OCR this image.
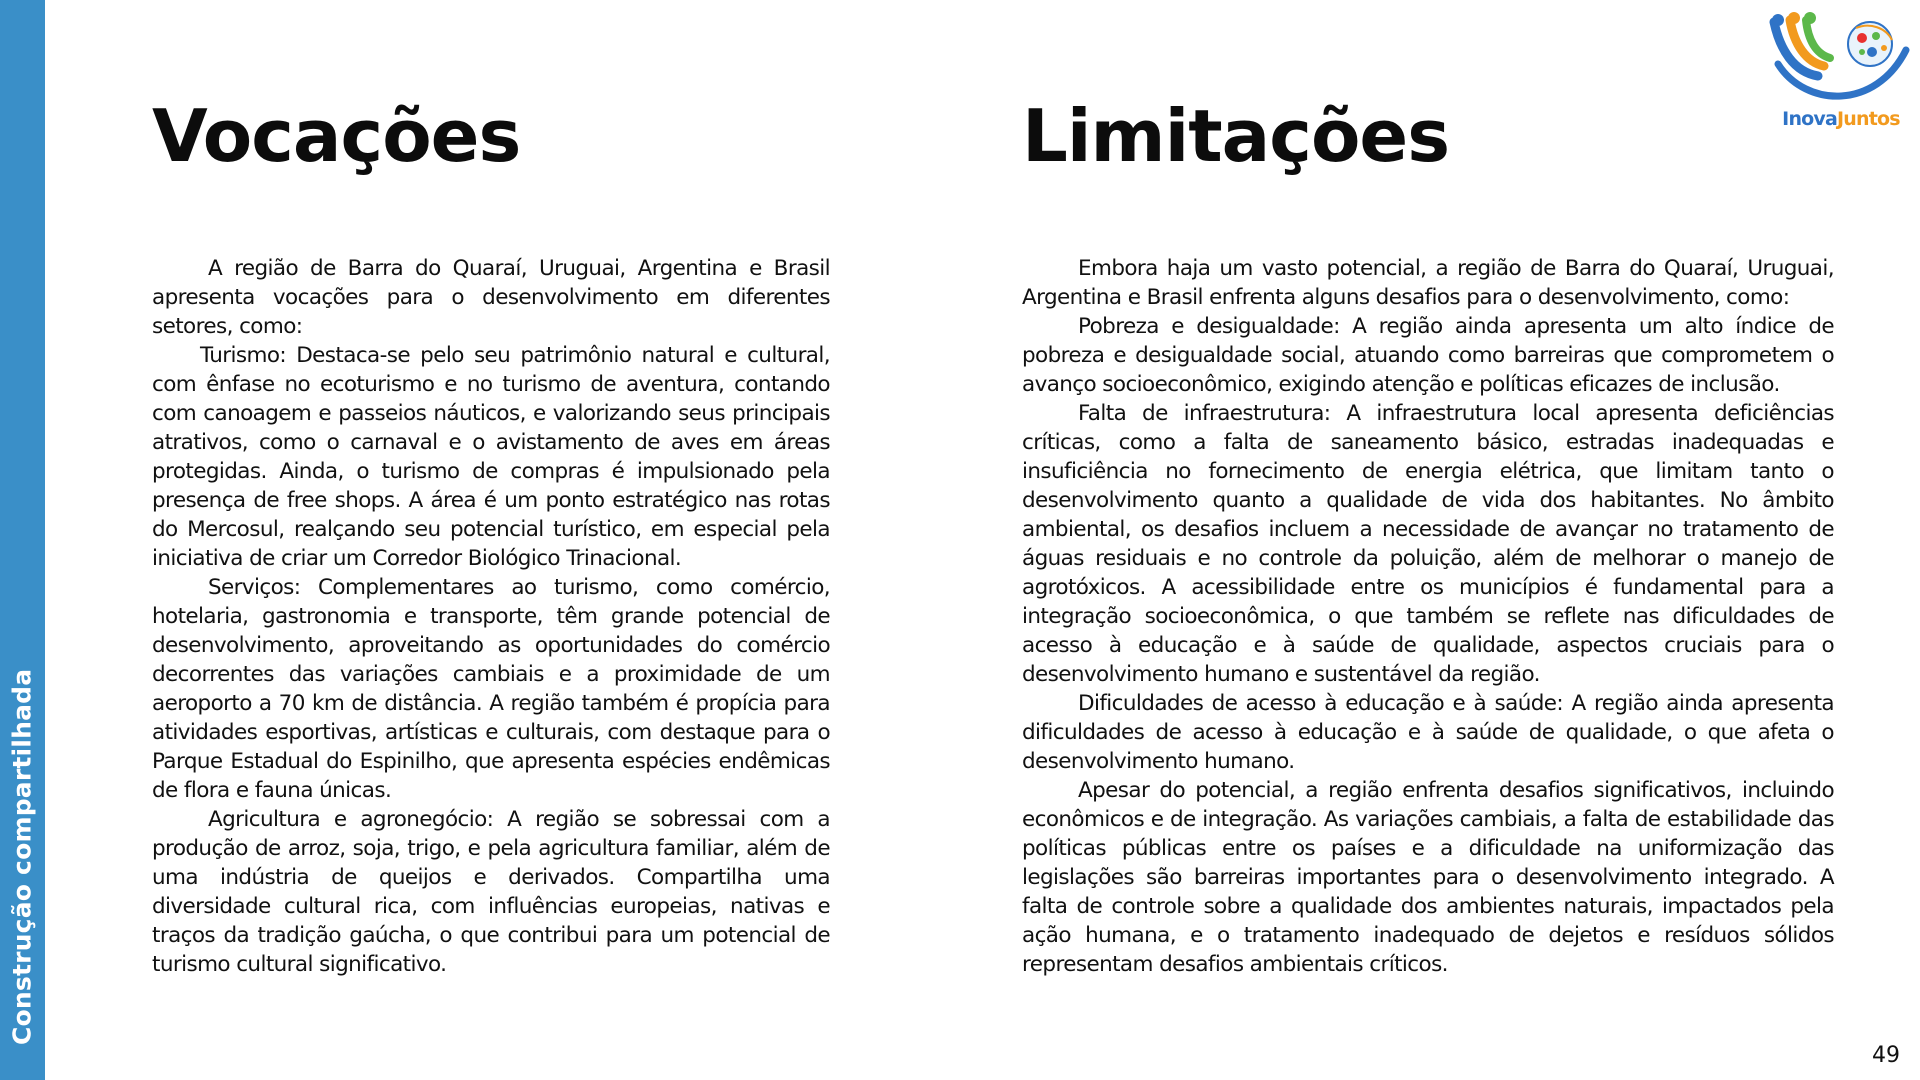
Construção compartilhada
InovaJuntos
Vocações	Limitações

A região de Barra do Quaraí, Uruguai, Argentina e Brasil apresenta vocações para o desenvolvimento em diferentes setores, como:

Turismo: Destaca-se pelo seu patrimônio natural e cultural, com ênfase no ecoturismo e no turismo de aventura, contando com canoagem e passeios náuticos, e valorizando seus principais atrativos, como o carnaval e o avistamento de aves em áreas protegidas. Ainda, o turismo de compras é impulsionado pela presença de free shops. A área é um ponto estratégico nas rotas do Mercosul, realçando seu potencial turístico, em especial pela iniciativa de criar um Corredor Biológico Trinacional.

Serviços: Complementares ao turismo, como comércio, hotelaria, gastronomia e transporte, têm grande potencial de desenvolvimento, aproveitando as oportunidades do comércio decorrentes das variações cambiais e a proximidade de um aeroporto a 70 km de distância. A região também é propícia para atividades esportivas, artísticas e culturais, com destaque para o Parque Estadual do Espinilho, que apresenta espécies endêmicas de flora e fauna únicas.

Agricultura e agronegócio: A região se sobressai com a produção de arroz, soja, trigo, e pela agricultura familiar, além de uma indústria de queijos e derivados. Compartilha uma diversidade cultural rica, com influências europeias, nativas e traços da tradição gaúcha, o que contribui para um potencial de turismo cultural significativo.

Embora haja um vasto potencial, a região de Barra do Quaraí, Uruguai, Argentina e Brasil enfrenta alguns desafios para o desenvolvimento, como:

Pobreza e desigualdade: A região ainda apresenta um alto índice de pobreza e desigualdade social, atuando como barreiras que comprometem o avanço socioeconômico, exigindo atenção e políticas eficazes de inclusão.

Falta de infraestrutura: A infraestrutura local apresenta deficiências críticas, como a falta de saneamento básico, estradas inadequadas e insuficiência no fornecimento de energia elétrica, que limitam tanto o desenvolvimento quanto a qualidade de vida dos habitantes. No âmbito ambiental, os desafios incluem a necessidade de avançar no tratamento de águas residuais e no controle da poluição, além de melhorar o manejo de agrotóxicos. A acessibilidade entre os municípios é fundamental para a integração socioeconômica, o que também se reflete nas dificuldades de acesso à educação e à saúde de qualidade, aspectos cruciais para o desenvolvimento humano e sustentável da região.

Dificuldades de acesso à educação e à saúde: A região ainda apresenta dificuldades de acesso à educação e à saúde de qualidade, o que afeta o desenvolvimento humano.

Apesar do potencial, a região enfrenta desafios significativos, incluindo econômicos e de integração. As variações cambiais, a falta de estabilidade das políticas públicas entre os países e a dificuldade na uniformização das legislações são barreiras importantes para o desenvolvimento integrado. A falta de controle sobre a qualidade dos ambientes naturais, impactados pela ação humana, e o tratamento inadequado de dejetos e resíduos sólidos representam desafios ambientais críticos.

49
